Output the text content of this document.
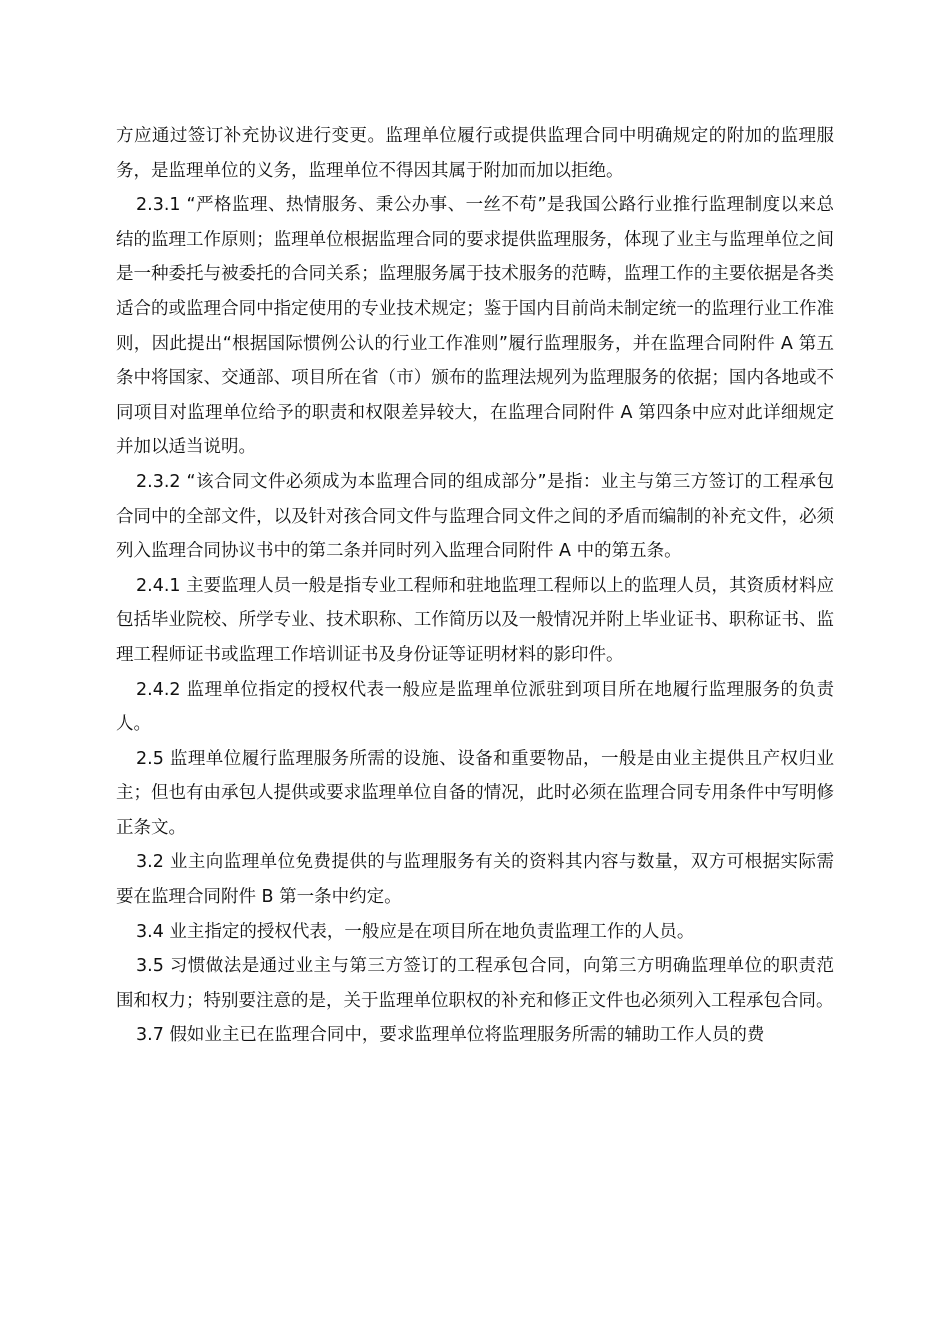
方应通过签订补充协议进行变更。监理单位履行或提供监理合同中明确规定的附加的监理服务，是监理单位的义务，监理单位不得因其属于附加而加以拒绝。

2.3.1 “严格监理、热情服务、秉公办事、一丝不苟”是我国公路行业推行监理制度以来总结的监理工作原则；监理单位根据监理合同的要求提供监理服务，体现了业主与监理单位之间是一种委托与被委托的合同关系；监理服务属于技术服务的范畴，监理工作的主要依据是各类适合的或监理合同中指定使用的专业技术规定；鉴于国内目前尚未制定统一的监理行业工作准则，因此提出“根据国际惯例公认的行业工作准则”履行监理服务，并在监理合同附件 A 第五条中将国家、交通部、项目所在省（市）颁布的监理法规列为监理服务的依据；国内各地或不同项目对监理单位给予的职责和权限差异较大，在监理合同附件 A 第四条中应对此详细规定并加以适当说明。

2.3.2 “该合同文件必须成为本监理合同的组成部分”是指：业主与第三方签订的工程承包合同中的全部文件，以及针对孩合同文件与监理合同文件之间的矛盾而编制的补充文件，必须列入监理合同协议书中的第二条并同时列入监理合同附件 A 中的第五条。

2.4.1 主要监理人员一般是指专业工程师和驻地监理工程师以上的监理人员，其资质材料应包括毕业院校、所学专业、技术职称、工作简历以及一般情况并附上毕业证书、职称证书、监理工程师证书或监理工作培训证书及身份证等证明材料的影印件。

2.4.2 监理单位指定的授权代表一般应是监理单位派驻到项目所在地履行监理服务的负责人。

2.5 监理单位履行监理服务所需的设施、设备和重要物品，一般是由业主提供且产权归业主；但也有由承包人提供或要求监理单位自备的情况，此时必须在监理合同专用条件中写明修正条文。

3.2 业主向监理单位免费提供的与监理服务有关的资料其内容与数量，双方可根据实际需要在监理合同附件 B 第一条中约定。

3.4 业主指定的授权代表，一般应是在项目所在地负责监理工作的人员。

3.5 习惯做法是通过业主与第三方签订的工程承包合同，向第三方明确监理单位的职责范围和权力；特别要注意的是，关于监理单位职权的补充和修正文件也必须列入工程承包合同。

3.7 假如业主已在监理合同中，要求监理单位将监理服务所需的辅助工作人员的费
